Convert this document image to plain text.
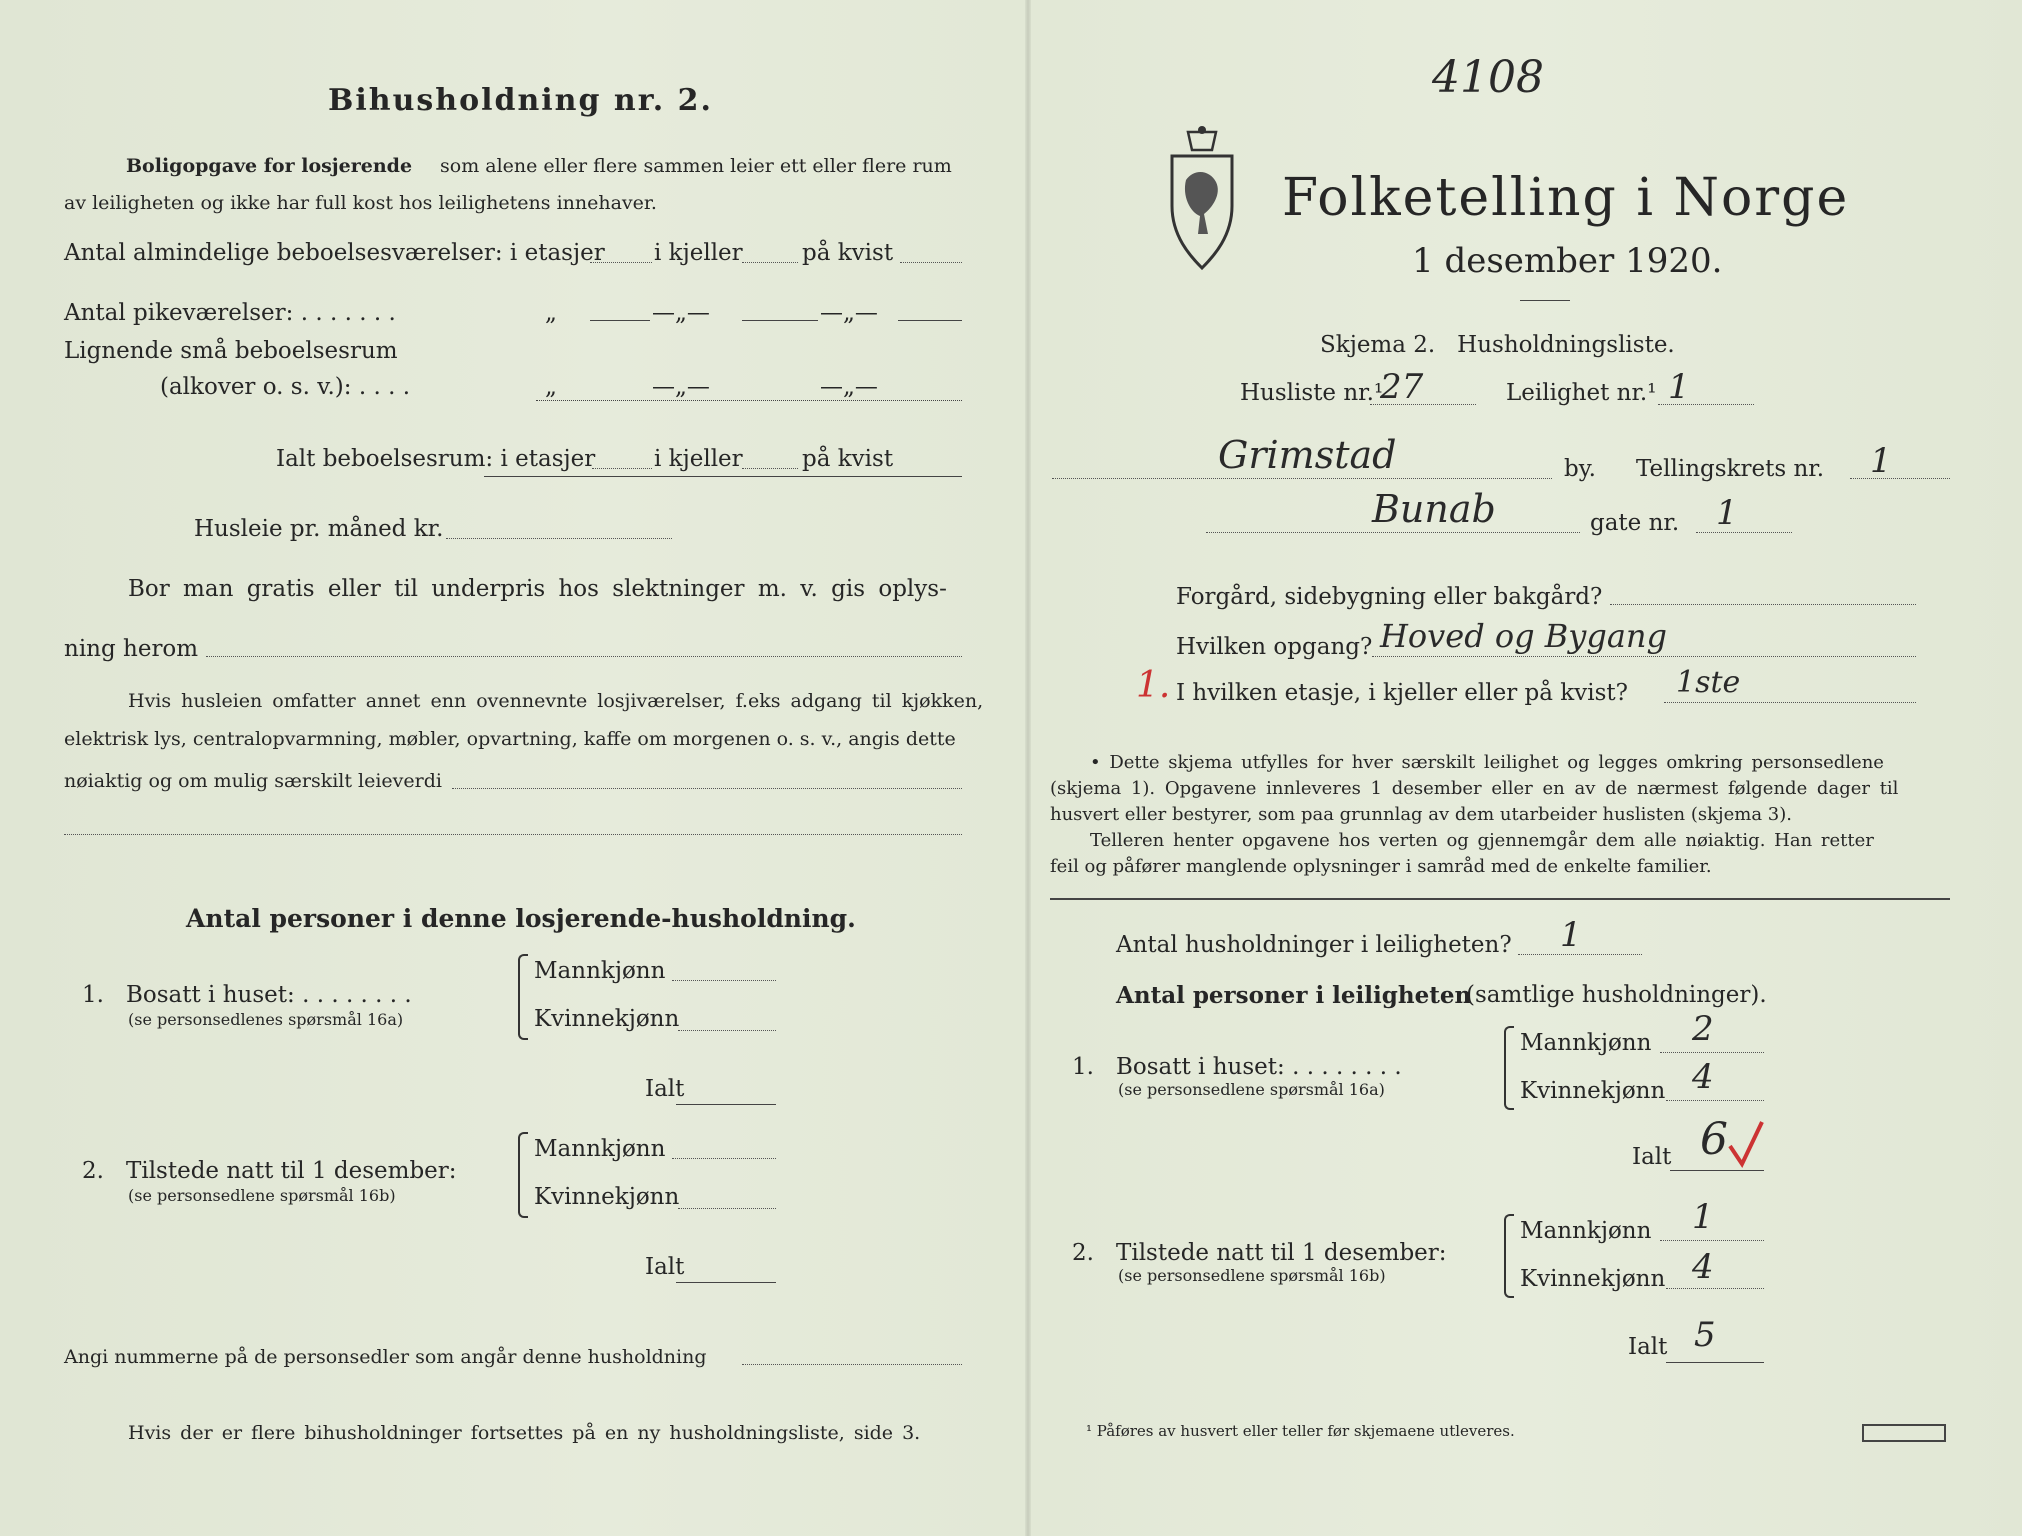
Bihusholdning nr. 2.
Boligopgave for losjerende som alene eller flere sammen leier ett eller flere rum
av leiligheten og ikke har full kost hos leilighetens innehaver.
Antal almindelige beboelsesværelser: i etasjer i kjeller	på kvist
Antal pikeværelser: . . . . . . .	„	—„—	—„—
Lignende små beboelsesrum
(alkover o. s. v.): . . . .	„	—„—	—„—
Ialt beboelsesrum: i etasjer	i kjeller	på kvist
Husleie pr. måned kr.
Bor man gratis eller til underpris hos slektninger m. v. gis oplys-
ning herom
Hvis husleien omfatter annet enn ovennevnte losjiværelser, f.eks adgang til kjøkken,
elektrisk lys, centralopvarmning, møbler, opvartning, kaffe om morgenen o. s. v., angis dette
nøiaktig og om mulig særskilt leieverdi
Antal personer i denne losjerende-husholdning.
1. Bosatt i huset: . . . . . . . .
(se personsedlenes spørsmål 16a)
Mannkjønn
Kvinnekjønn
Ialt
2. Tilstede natt til 1 desember:
(se personsedlene spørsmål 16b)
Mannkjønn
Kvinnekjønn
Ialt
Angi nummerne på de personsedler som angår denne husholdning
Hvis der er flere bihusholdninger fortsettes på en ny husholdningsliste, side 3.
4108
Folketelling i Norge
1 desember 1920.
Skjema 2.   Husholdningsliste.
Husliste nr.¹
27	Leilighet nr.¹ 1
Grimstad	by. Tellingskrets nr. 1
Bunab	gate nr. 1
Forgård, sidebygning eller bakgård?
Hvilken opgang? Hoved og Bygang
1. I hvilken etasje, i kjeller eller på kvist? 1ste
• Dette skjema utfylles for hver særskilt leilighet og legges omkring personsedlene
(skjema 1). Opgavene innleveres 1 desember eller en av de nærmest følgende dager til
husvert eller bestyrer, som paa grunnlag av dem utarbeider huslisten (skjema 3).
Telleren henter opgavene hos verten og gjennemgår dem alle nøiaktig. Han retter
feil og påfører manglende oplysninger i samråd med de enkelte familier.
Antal husholdninger i leiligheten? 1
Antal personer i leiligheten
(samtlige husholdninger).
1. Bosatt i huset: . . . . . . . .
(se personsedlene spørsmål 16a)
Mannkjønn 2
Kvinnekjønn 4
Ialt 6
2. Tilstede natt til 1 desember:
(se personsedlene spørsmål 16b)
Mannkjønn 1
Kvinnekjønn 4
Ialt 5
¹ Påføres av husvert eller teller før skjemaene utleveres.
